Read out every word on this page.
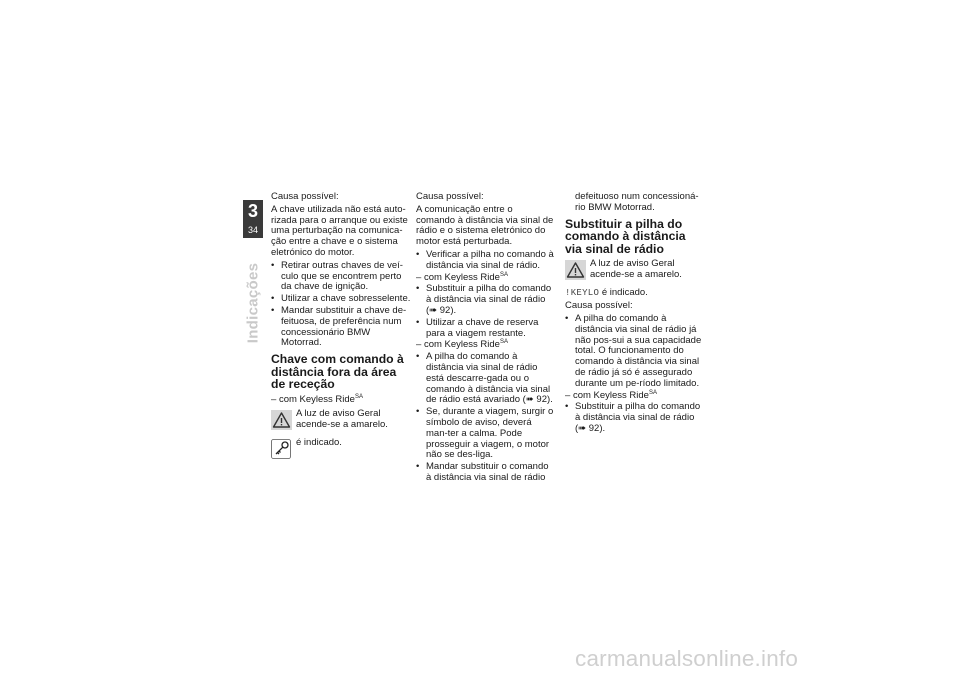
3
34
Indicações

Causa possível:

A chave utilizada não está auto-rizada para o arranque ou existe uma perturbação na comunica-ção entre a chave e o sistema eletrónico do motor.

• Retirar outras chaves de veí-culo que se encontrem perto da chave de ignição.
• Utilizar a chave sobresselente.
• Mandar substituir a chave de-feituosa, de preferência num concessionário BMW Motorrad.
Chave com comando à distância fora da área de receção
– com Keyless Ride$^{SA}$
A luz de aviso Geral acende-se a amarelo.
é indicado.

Causa possível:

A comunicação entre o comando à distância via sinal de rádio e o sistema eletrónico do motor está perturbada.

• Verificar a pilha no comando à distância via sinal de rádio.
– com Keyless Ride$^{SA}$
• Substituir a pilha do comando à distância via sinal de rádio (➠ 92).
• Utilizar a chave de reserva para a viagem restante.
– com Keyless Ride$^{SA}$
• A pilha do comando à distância via sinal de rádio está descarre-gada ou o comando à distância via sinal de rádio está avariado (➠ 92).
• Se, durante a viagem, surgir o símbolo de aviso, deverá man-ter a calma. Pode prosseguir a viagem, o motor não se des-liga.
• Mandar substituir o comando à distância via sinal de rádio

defeituoso num concessioná-rio BMW Motorrad.

Substituir a pilha do comando à distância via sinal de rádio
A luz de aviso Geral acende-se a amarelo.

!KEYLO é indicado.

Causa possível:

• A pilha do comando à distância via sinal de rádio já não pos-sui a sua capacidade total. O funcionamento do comando à distância via sinal de rádio já só é assegurado durante um pe-ríodo limitado.
– com Keyless Ride$^{SA}$
• Substituir a pilha do comando à distância via sinal de rádio (➠ 92).
carmanualsonline.info
